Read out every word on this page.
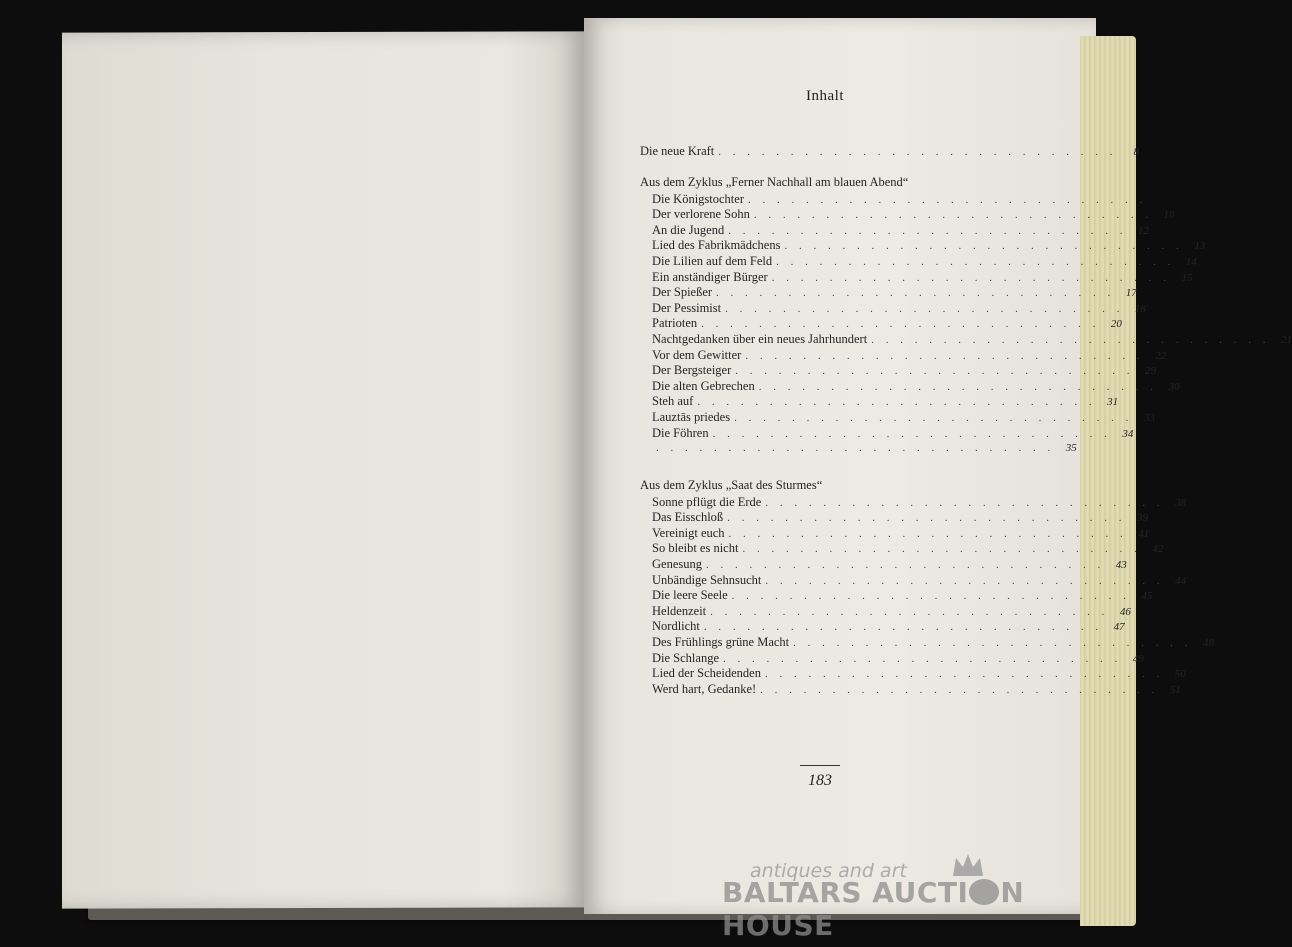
Inhalt
Die neue Kraft . . . . . . . . . . . . . . . . . . . . . . . . . . . .	8
Aus dem Zyklus „Ferner Nachhall am blauen Abend“
Die Königstochter . . . . . . . . . . . . . . . . . . . . . . . . . . . .
Der verlorene Sohn . . . . . . . . . . . . . . . . . . . . . . . . . . . .	10
An die Jugend . . . . . . . . . . . . . . . . . . . . . . . . . . . .	12
Lied des Fabrikmädchens . . . . . . . . . . . . . . . . . . . . . . . . . . . .	13
Die Lilien auf dem Feld . . . . . . . . . . . . . . . . . . . . . . . . . . . .	14
Ein anständiger Bürger . . . . . . . . . . . . . . . . . . . . . . . . . . . .	15
Der Spießer . . . . . . . . . . . . . . . . . . . . . . . . . . . .	17
Der Pessimist . . . . . . . . . . . . . . . . . . . . . . . . . . . .	18
Patrioten . . . . . . . . . . . . . . . . . . . . . . . . . . . .	20
Nachtgedanken über ein neues Jahrhundert . . . . . . . . . . . . . . . . . . . . . . . . . . . .	21
Vor dem Gewitter . . . . . . . . . . . . . . . . . . . . . . . . . . . .	22
Der Bergsteiger . . . . . . . . . . . . . . . . . . . . . . . . . . . .	29
Die alten Gebrechen . . . . . . . . . . . . . . . . . . . . . . . . . . . .	30
Steh auf . . . . . . . . . . . . . . . . . . . . . . . . . . . .	31
Lauztās priedes . . . . . . . . . . . . . . . . . . . . . . . . . . . .	33
Die Föhren . . . . . . . . . . . . . . . . . . . . . . . . . . . .	34
. . . . . . . . . . . . . . . . . . . . . . . . . . . .	35
Aus dem Zyklus „Saat des Sturmes“
Sonne pflügt die Erde . . . . . . . . . . . . . . . . . . . . . . . . . . . .	38
Das Eisschloß . . . . . . . . . . . . . . . . . . . . . . . . . . . .	39
Vereinigt euch . . . . . . . . . . . . . . . . . . . . . . . . . . . .	41
So bleibt es nicht . . . . . . . . . . . . . . . . . . . . . . . . . . . .	42
Genesung . . . . . . . . . . . . . . . . . . . . . . . . . . . .	43
Unbändige Sehnsucht . . . . . . . . . . . . . . . . . . . . . . . . . . . .	44
Die leere Seele . . . . . . . . . . . . . . . . . . . . . . . . . . . .	45
Heldenzeit . . . . . . . . . . . . . . . . . . . . . . . . . . . .	46
Nordlicht . . . . . . . . . . . . . . . . . . . . . . . . . . . .	47
Des Frühlings grüne Macht . . . . . . . . . . . . . . . . . . . . . . . . . . . .	48
Die Schlange . . . . . . . . . . . . . . . . . . . . . . . . . . . .	49
Lied der Scheidenden . . . . . . . . . . . . . . . . . . . . . . . . . . . .	50
Werd hart, Gedanke! . . . . . . . . . . . . . . . . . . . . . . . . . . . .	51
183
antiques and art
BALTARS AUCTI N HOUSE
